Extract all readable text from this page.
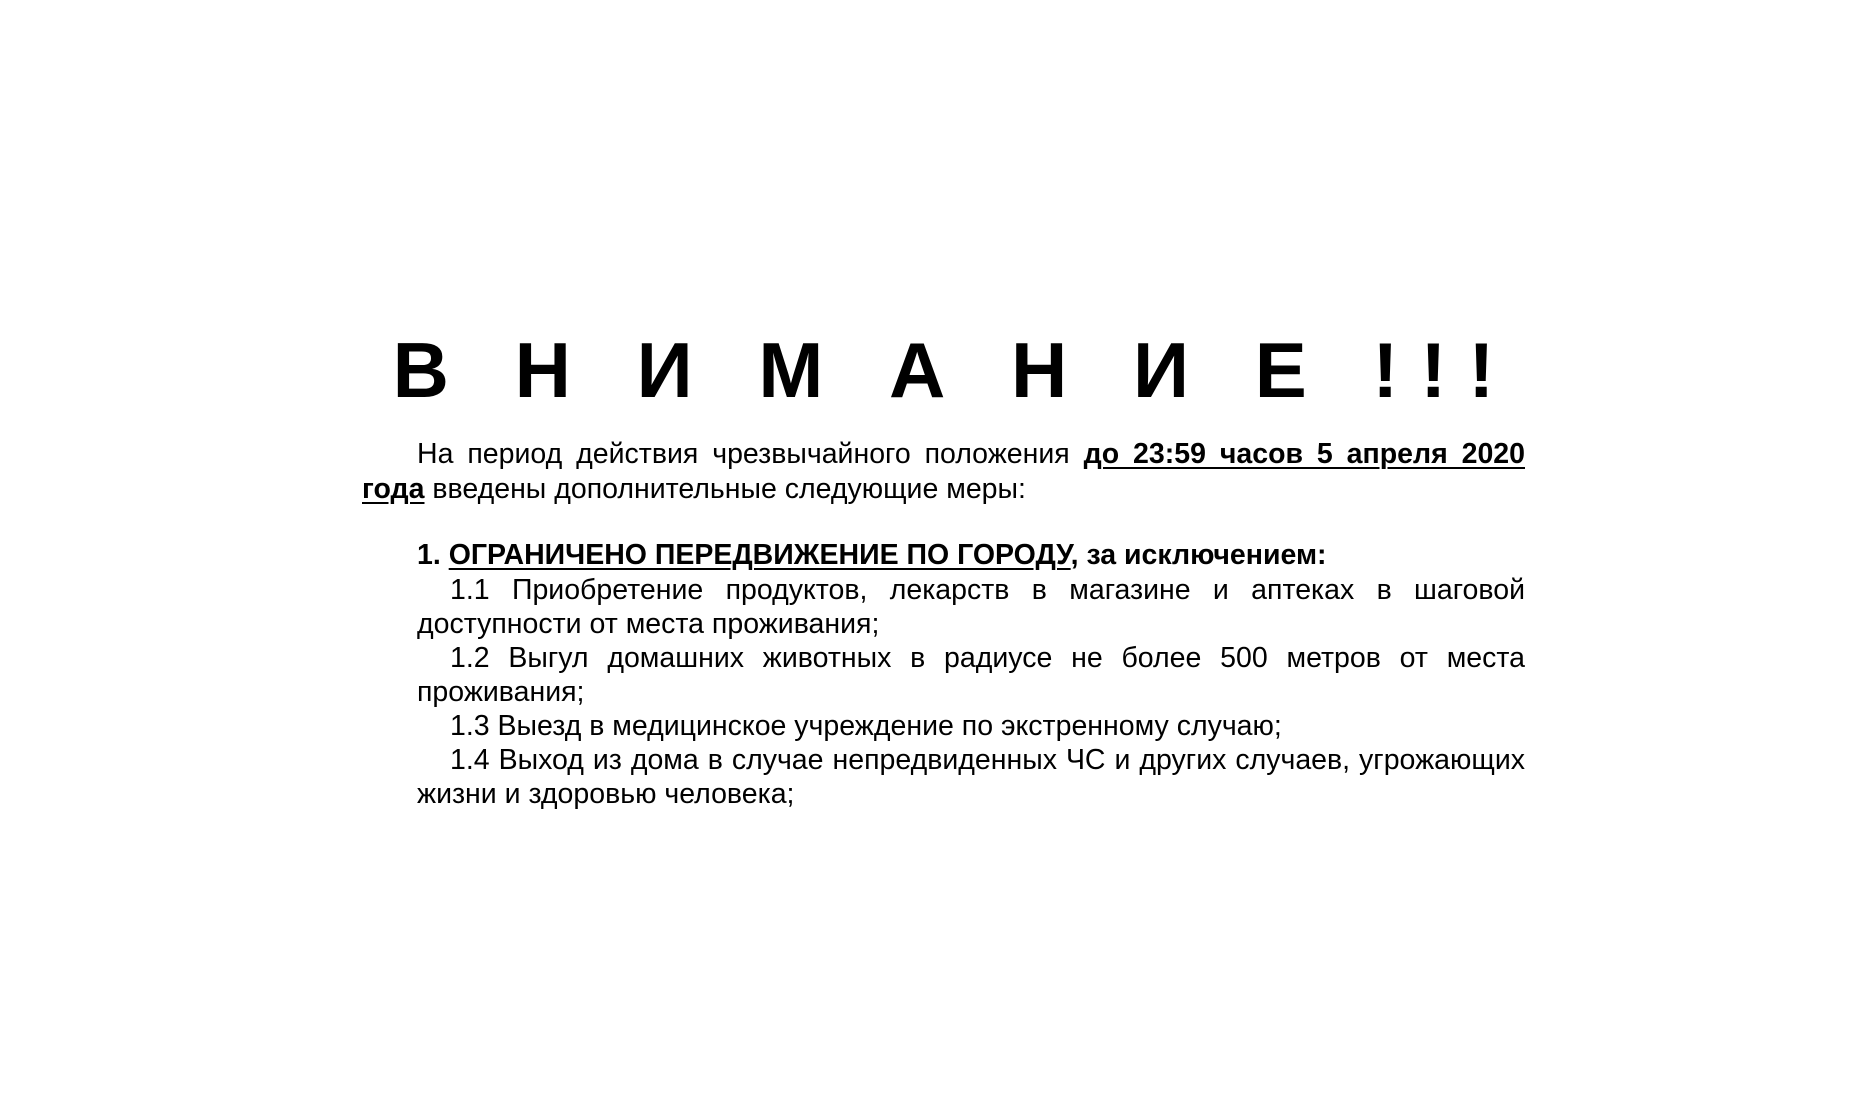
В Н И М А Н И Е !!!

На период действия чрезвычайного положения до 23:59 часов 5 апреля 2020 года введены дополнительные следующие меры:

1. ОГРАНИЧЕНО ПЕРЕДВИЖЕНИЕ ПО ГОРОДУ, за исключением:

1.1 Приобретение продуктов, лекарств в магазине и аптеках в шаговой доступности от места проживания;

1.2 Выгул домашних животных в радиусе не более 500 метров от места проживания;

1.3 Выезд в медицинское учреждение по экстренному случаю;

1.4 Выход из дома в случае непредвиденных ЧС и других случаев, угрожающих жизни и здоровью человека;
